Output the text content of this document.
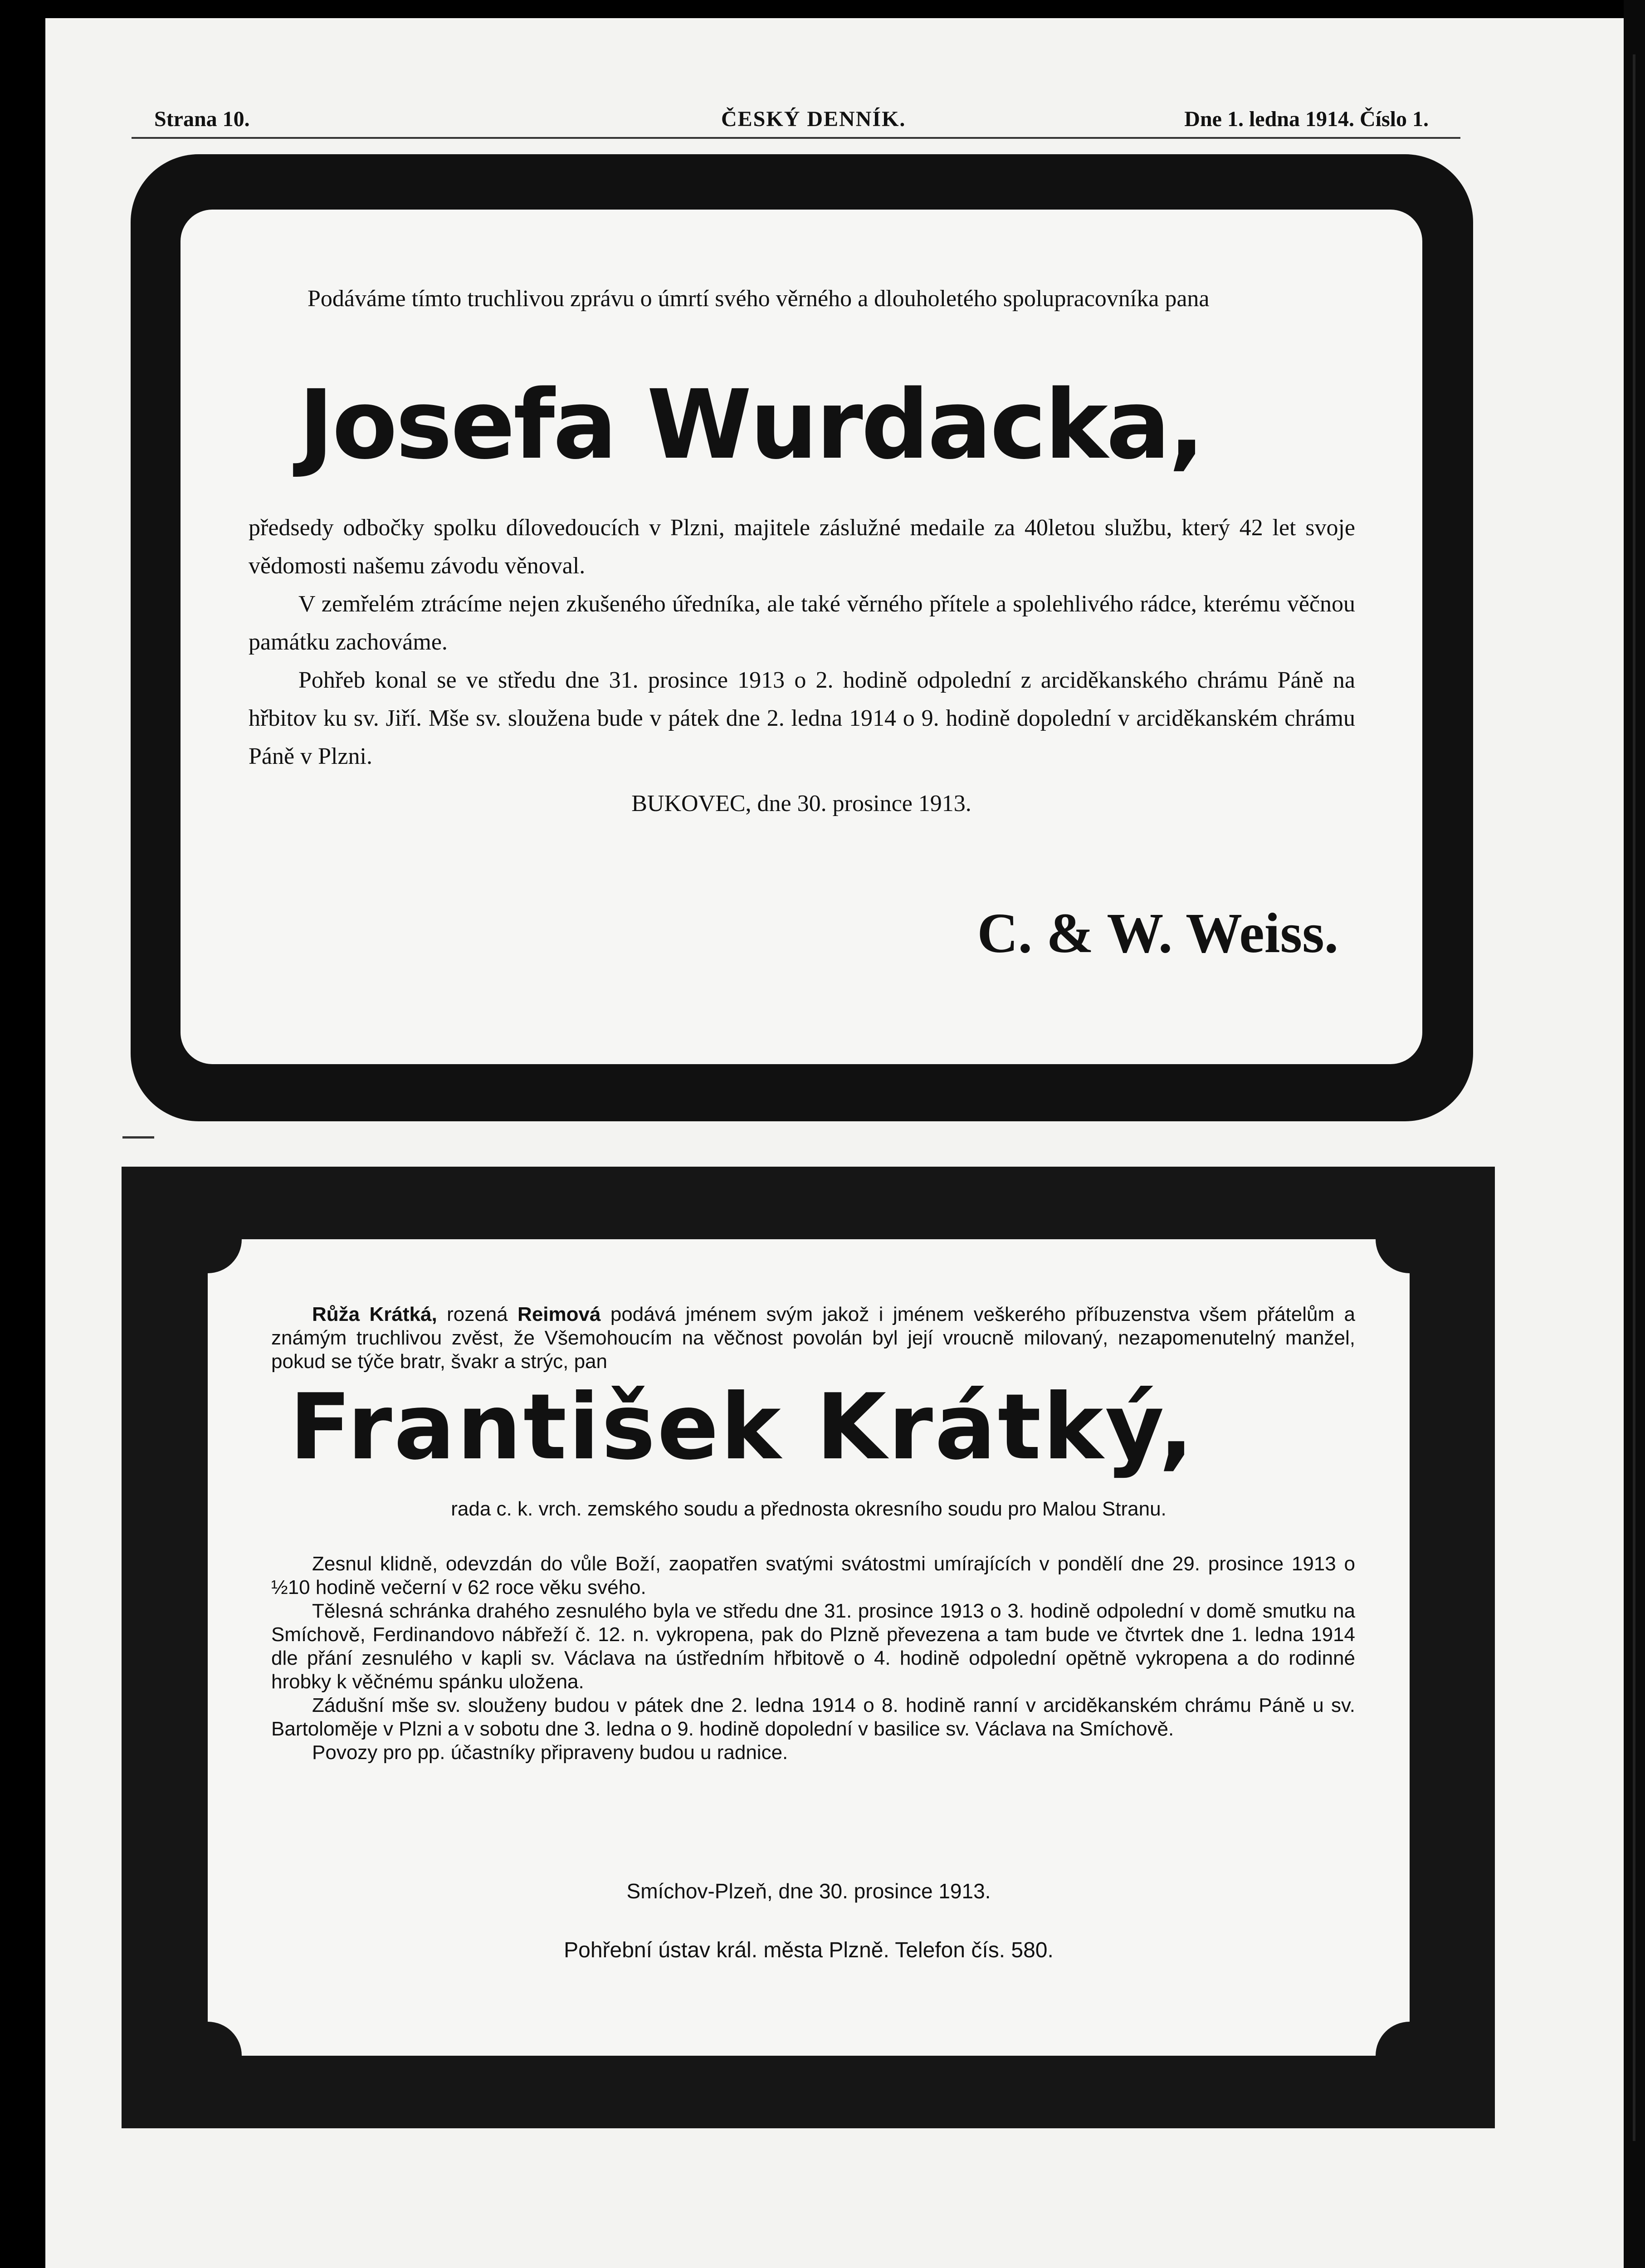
Strana 10.	ČESKÝ DENNÍK.	Dne 1. ledna 1914. Číslo 1.
Podáváme tímto truchlivou zprávu o úmrtí svého věrného a dlouholetého spolupracovníka pana
Josefa Wurdacka,

předsedy odbočky spolku dílovedoucích v Plzni, majitele záslužné medaile za 40letou službu, který 42 let svoje vědomosti našemu závodu věnoval.

V zemřelém ztrácíme nejen zkušeného úředníka, ale také věrného přítele a spolehlivého rádce, kterému věčnou památku zachováme.

Pohřeb konal se ve středu dne 31. prosince 1913 o 2. hodině odpolední z arciděkanského chrámu Páně na hřbitov ku sv. Jiří. Mše sv. sloužena bude v pátek dne 2. ledna 1914 o 9. hodině dopolední v arciděkanském chrámu Páně v Plzni.

BUKOVEC, dne 30. prosince 1913.
C. & W. Weiss.
Růža Krátká, rozená Reimová podává jménem svým jakož i jménem veškerého příbuzenstva všem přátelům a známým truchlivou zvěst, že Všemohoucím na věčnost povolán byl její vroucně milovaný, nezapomenutelný manžel, pokud se týče bratr, švakr a strýc, pan
František Krátký,
rada c. k. vrch. zemského soudu a přednosta okresního soudu pro Malou Stranu.

Zesnul klidně, odevzdán do vůle Boží, zaopatřen svatými svátostmi umírajících v pondělí dne 29. prosince 1913 o ½10 hodině večerní v 62 roce věku svého.

Tělesná schránka drahého zesnulého byla ve středu dne 31. prosince 1913 o 3. hodině odpolední v domě smutku na Smíchově, Ferdinandovo nábřeží č. 12. n. vykropena, pak do Plzně převezena a tam bude ve čtvrtek dne 1. ledna 1914 dle přání zesnulého v kapli sv. Václava na ústředním hřbitově o 4. hodině odpolední opětně vykropena a do rodinné hrobky k věčnému spánku uložena.

Zádušní mše sv. slouženy budou v pátek dne 2. ledna 1914 o 8. hodině ranní v arciděkanském chrámu Páně u sv. Bartoloměje v Plzni a v sobotu dne 3. ledna o 9. hodině dopolední v basilice sv. Václava na Smíchově.

Povozy pro pp. účastníky připraveny budou u radnice.

Smíchov-Plzeň, dne 30. prosince 1913.
Pohřební ústav král. města Plzně. Telefon čís. 580.
